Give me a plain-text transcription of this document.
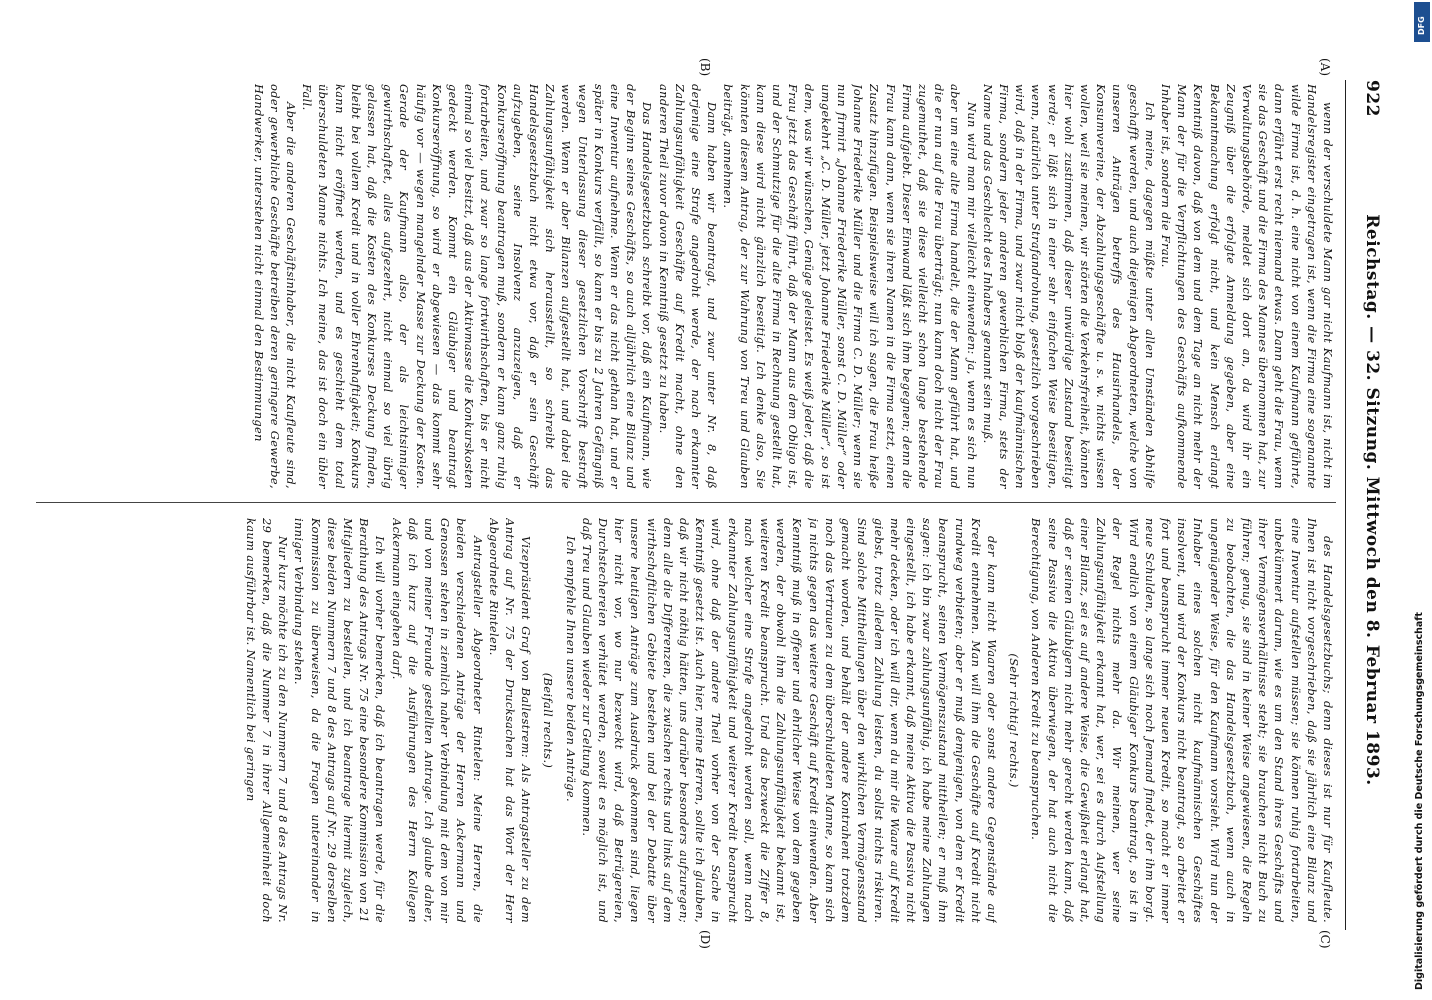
922
Reichstag. — 32. Sitzung. Mittwoch den 8. Februar 1893.
(A)
(B)
(C)
(D)

wenn der verschuldete Mann gar nicht Kaufmann ist, nicht im Handelsregister eingetragen ist, wenn die Firma eine sogenannte wilde Firma ist, d. h. eine nicht von einem Kaufmann geführte, dann erfährt erst recht niemand etwas. Dann geht die Frau, wenn sie das Geschäft und die Firma des Mannes übernommen hat, zur Verwaltungsbehörde, meldet sich dort an, da wird ihr ein Zeugniß über die erfolgte Anmeldung gegeben, aber eine Bekanntmachung erfolgt nicht, und kein Mensch erlangt Kenntniß davon, daß von dem und dem Tage an nicht mehr der Mann der für die Verpflichtungen des Geschäfts aufkommende Inhaber ist, sondern die Frau.

Ich meine, dagegen müßte unter allen Umständen Abhilfe geschafft werden, und auch diejenigen Abgeordneten, welche von unseren Anträgen betreffs des Hausirhandels, der Konsumvereine, der Abzahlungsgeschäfte u. s. w. nichts wissen wollen, weil sie meinen, wir störten die Verkehrsfreiheit, könnten hier wohl zustimmen, daß dieser unwürdige Zustand beseitigt werde; er läßt sich in einer sehr einfachen Weise beseitigen, wenn, natürlich unter Strafandrohung, gesetzlich vorgeschrieben wird, daß in der Firma, und zwar nicht bloß der kaufmännischen Firma, sondern jeder anderen gewerblichen Firma, stets der Name und das Geschlecht des Inhabers genannt sein muß.

Nun wird man mir vielleicht einwenden: ja, wenn es sich nun aber um eine alte Firma handelt, die der Mann geführt hat, und die er nun auf die Frau überträgt; nun kann doch nicht der Frau zugemuthet, daß sie diese vielleicht schon lange bestehende Firma aufgiebt. Dieser Einwand läßt sich ihm begegnen; denn die Frau kann dann, wenn sie ihren Namen in die Firma setzt, einen Zusatz hinzufügen. Beispielsweise will ich sagen, die Frau heiße Johanne Friederike Müller und die Firma C. D. Müller; wenn sie nun firmirt „Johanne Friederike Müller, sonst C. D. Müller“ oder umgekehrt „C. D. Müller, jetzt Johanne Friederike Müller“, so ist dem, was wir wünschen, Genüge geleistet. Es weiß jeder, daß die Frau jetzt das Geschäft führt, daß der Mann aus dem Obligo ist, und der Schmutzige für die alte Firma in Rechnung gestellt hat, kann diese wird nicht gänzlich beseitigt. Ich denke also, Sie könnten diesem Antrag, der zur Wahrung von Treu und Glauben beiträgt, annehmen.

Dann haben wir beantragt, und zwar unter Nr. 8, daß derjenige eine Strafe angedroht werde, der nach erkannter Zahlungsunfähigkeit Geschäfte auf Kredit macht, ohne den anderen Theil zuvor davon in Kenntniß gesetzt zu haben.

Das Handelsgesetzbuch schreibt vor, daß ein Kaufmann, wie der Beginn seines Geschäfts, so auch alljährlich eine Bilanz und eine Inventur aufnehme. Wenn er das nicht gethan hat, und er später in Konkurs verfällt, so kann er bis zu 2 Jahren Gefängniß wegen Unterlassung dieser gesetzlichen Vorschrift bestraft werden. Wenn er aber Bilanzen aufgestellt hat, und dabei die Zahlungsunfähigkeit sich herausstellt, so schreibt das Handelsgesetzbuch nicht etwa vor, daß er sein Geschäft aufzugeben, seine Insolvenz anzuzeigen, daß er Konkurseröffnung beantragen muß, sondern er kann ganz ruhig fortarbeiten, und zwar so lange fortwirthschaften, bis er nicht einmal so viel besitzt, daß aus der Aktivmasse die Konkurskosten gedeckt werden. Kommt ein Gläubiger und beantragt Konkurseröffnung, so wird er abgewiesen — das kommt sehr häufig vor — wegen mangelnder Masse zur Deckung der Kosten. Gerade der Kaufmann also, der als leichtsinniger gewirthschaftet, alles aufgezehrt, nicht einmal so viel übrig gelassen hat, daß die Kosten des Konkurses Deckung finden, bleibt bei vollem Kredit und in voller Ehrenhaftigkeit; Konkurs kann nicht eröffnet werden, und es geschieht dem total überschuldeten Manne nichts. Ich meine, das ist doch ein übler Fall.

Aber die anderen Geschäftsinhaber, die nicht Kaufleute sind, oder gewerbliche Geschäfte betreiben deren geringere Gewerbe, Handwerker, unterstehen nicht einmal den Bestimmungen

des Handelsgesetzbuchs; denn dieses ist nur für Kaufleute. Ihnen ist nicht vorgeschrieben, daß sie jährlich eine Bilanz und eine Inventur aufstellen müssen; sie können ruhig fortarbeiten, unbekümmert darum, wie es um den Stand ihres Geschäfts und ihrer Vermögensverhältnisse steht; sie brauchen nicht Buch zu führen; genug, sie sind in keiner Weise angewiesen, die Regeln zu beobachten, die das Handelsgesetzbuch, wenn auch in ungenügender Weise, für den Kaufmann vorsieht. Wird nun der Inhaber eines solchen nicht kaufmännischen Geschäftes insolvent, und wird der Konkurs nicht beantragt, so arbeitet er fort und beansprucht immer neuen Kredit, so macht er immer neue Schulden, so lange sich noch Jemand findet, der ihm borgt. Wird endlich von einem Gläubiger Konkurs beantragt, so ist in der Regel nichts mehr da. Wir meinen, wer seine Zahlungsunfähigkeit erkannt hat, wer, sei es durch Aufstellung einer Bilanz, sei es auf andere Weise, die Gewißheit erlangt hat, daß er seinen Gläubigern nicht mehr gerecht werden kann, daß seine Passiva die Aktiva überwiegen, der hat auch nicht die Berechtigung, von Anderen Kredit zu beanspruchen.

(Sehr richtig! rechts.)

der kann nicht Waaren oder sonst andere Gegenstände auf Kredit entnehmen. Man will ihm die Geschäfte auf Kredit nicht rundweg verbieten; aber er muß demjenigen, von dem er Kredit beansprucht, seinen Vermögenszustand mittheilen; er muß ihm sagen: ich bin zwar zahlungsunfähig, ich habe meine Zahlungen eingestellt, ich habe erkannt, daß meine Aktiva die Passiva nicht mehr decken, oder ich will dir, wenn du mir die Waare auf Kredit giebst, trotz alledem Zahlung leisten, du sollst nichts riskiren. Sind solche Mittheilungen über den wirklichen Vermögensstand gemacht worden, und behält der andere Kontrahent trotzdem noch das Vertrauen zu dem überschuldeten Manne, so kann sich ja nichts gegen das weitere Geschäft auf Kredit einwenden. Aber Kenntniß muß in offener und ehrlicher Weise von dem gegeben werden, der obwohl ihm die Zahlungsunfähigkeit bekannt ist, weiteren Kredit beansprucht. Und das bezweckt die Ziffer 8, nach welcher eine Strafe angedroht werden soll, wenn nach erkannter Zahlungsunfähigkeit und weiterer Kredit beansprucht wird, ohne daß der andere Theil vorher von der Sache in Kenntniß gesetzt ist. Auch hier, meine Herren, sollte ich glauben, daß wir nicht nöthig hätten, uns darüber besonders aufzuregen; denn alle die Differenzen, die zwischen rechts und links auf dem wirthschaftlichen Gebiete bestehen und bei der Debatte über unsere heutigen Anträge zum Ausdruck gekommen sind, liegen hier nicht vor, wo nur bezweckt wird, daß Betrügereien, Durchstechereien verhütet werden, soweit es möglich ist, und daß Treu und Glauben wieder zur Geltung kommen.

Ich empfehle Ihnen unsere beiden Anträge.

(Beifall rechts.)

Vizepräsident Graf von Ballestrem: Als Antragsteller zu dem Antrag auf Nr. 75 der Drucksachen hat das Wort der Herr Abgeordnete Rintelen.

Antragsteller Abgeordneter Rintelen: Meine Herren, die beiden verschiedenen Anträge der Herren Ackermann und Genossen stehen in ziemlich naher Verbindung mit dem von mir und von meiner Freunde gestellten Antrage. Ich glaube daher, daß ich kurz auf die Ausführungen des Herrn Kollegen Ackermann eingehen darf.

Ich will vorher bemerken, daß ich beantragen werde, für die Berathung des Antrags Nr. 75 eine besondere Kommission von 21 Mitgliedern zu bestellen, und ich beantrage hiermit zugleich, diese beiden Nummern 7 und 8 des Antrags auf Nr. 29 derselben Kommission zu überweisen, da die Fragen untereinander in inniger Verbindung stehen.

Nur kurz möchte ich zu den Nummern 7 und 8 des Antrags Nr. 29 bemerken, daß die Nummer 7 in ihrer Allgemeinheit doch kaum ausführbar ist. Namentlich bei geringen

DFG
Digitalisierung gefördert durch die Deutsche Forschungsgemeinschaft
